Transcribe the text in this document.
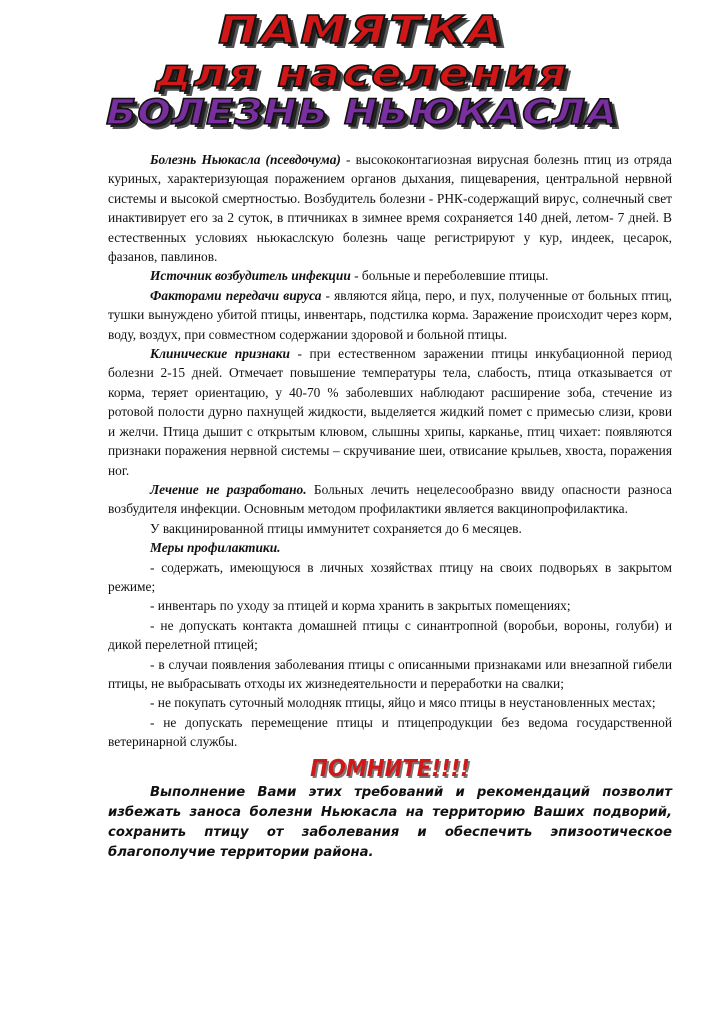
ПАМЯТКА
для населения
БОЛЕЗНЬ НЬЮКАСЛА

Болезнь Ньюкасла (псевдочума) - высококонтагиозная вирусная болезнь птиц из отряда куриных, характеризующая поражением органов дыхания, пищеварения, центральной нервной системы и высокой смертностью. Возбудитель болезни - РНК-содержащий вирус, солнечный свет инактивирует его за 2 суток, в птичниках в зимнее время сохраняется 140 дней, летом- 7 дней. В естественных условиях ньюкаслскую болезнь чаще регистрируют у кур, индеек, цесарок, фазанов, павлинов.

Источник возбудитель инфекции - больные и переболевшие птицы.

Факторами передачи вируса - являются яйца, перо, и пух, полученные от больных птиц, тушки вынуждено убитой птицы, инвентарь, подстилка корма. Заражение происходит через корм, воду, воздух, при совместном содержании здоровой и больной птицы.

Клинические признаки - при естественном заражении птицы инкубационной период болезни 2-15 дней. Отмечает повышение температуры тела, слабость, птица отказывается от корма, теряет ориентацию, у 40-70 % заболевших наблюдают расширение зоба, стечение из ротовой полости дурно пахнущей жидкости, выделяется жидкий помет с примесью слизи, крови и желчи. Птица дышит с открытым клювом, слышны хрипы, карканье, птиц чихает: появляются признаки поражения нервной системы – скручивание шеи, отвисание крыльев, хвоста, поражения ног.

Лечение не разработано. Больных лечить нецелесообразно ввиду опасности разноса возбудителя инфекции. Основным методом профилактики является вакцинопрофилактика.

У вакцинированной птицы иммунитет сохраняется до 6 месяцев.

Меры профилактики.

- содержать, имеющуюся в личных хозяйствах птицу на своих подворьях в закрытом режиме;

- инвентарь по уходу за птицей и корма хранить в закрытых помещениях;

- не допускать контакта домашней птицы с синантропной (воробьи, вороны, голуби) и дикой перелетной птицей;

- в случаи появления заболевания птицы с описанными признаками или внезапной гибели птицы, не выбрасывать отходы их жизнедеятельности и переработки на свалки;

- не покупать суточный молодняк птицы, яйцо и мясо птицы в неустановленных местах;

- не допускать перемещение птицы и птицепродукции без ведома государственной ветеринарной службы.

ПОМНИТЕ!!!!

Выполнение Вами этих требований и рекомендаций позволит избежать заноса болезни Ньюкасла на территорию Ваших подворий, сохранить птицу от заболевания и обеспечить эпизоотическое благополучие территории района.
